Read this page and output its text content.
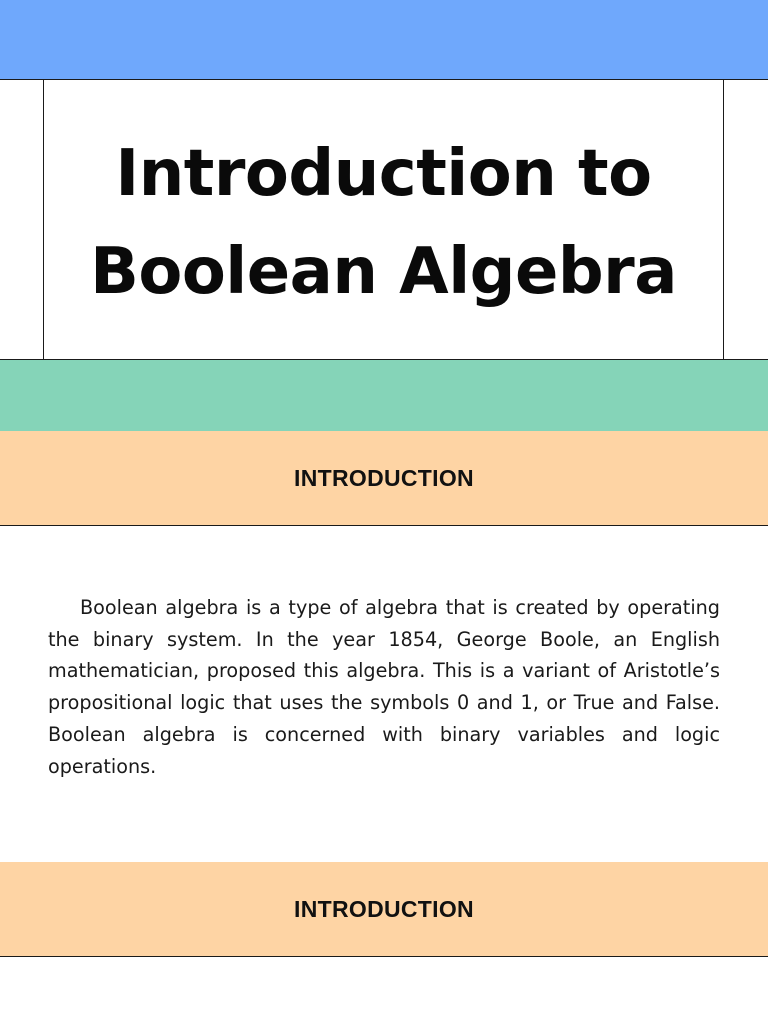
Introduction to
Boolean Algebra
INTRODUCTION

Boolean algebra is a type of algebra that is created by operating the binary system. In the year 1854, George Boole, an English mathematician, proposed this algebra. This is a variant of Aristotle’s propositional logic that uses the symbols 0 and 1, or True and False. Boolean algebra is concerned with binary variables and logic operations.

INTRODUCTION
